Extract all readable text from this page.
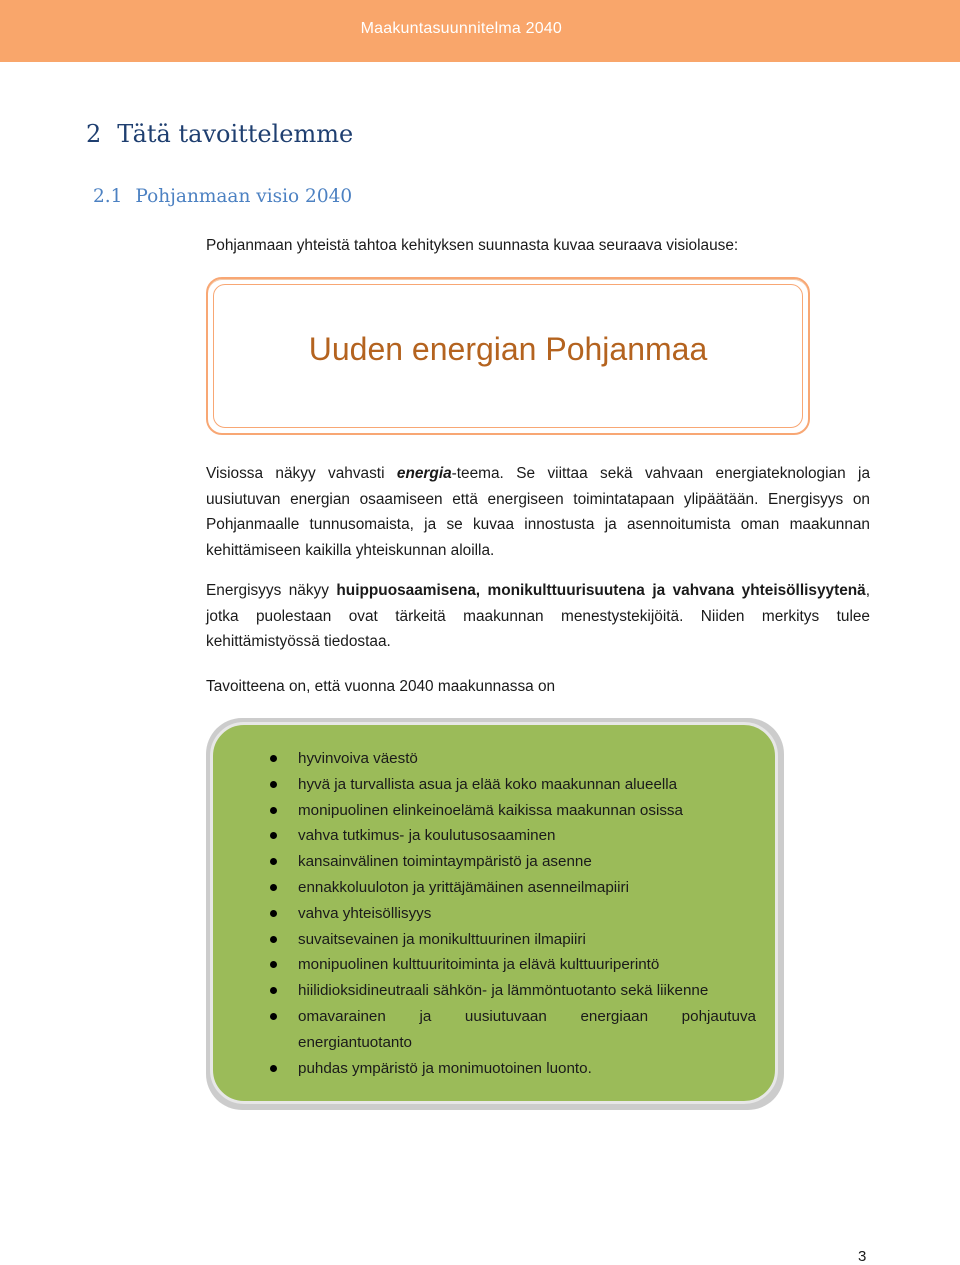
Maakuntasuunnitelma 2040
2 Tätä tavoittelemme
2.1 Pohjanmaan visio 2040

Pohjanmaan yhteistä tahtoa kehityksen suunnasta kuvaa seuraava visiolause:

Uuden energian Pohjanmaa

Visiossa näkyy vahvasti energia-teema. Se viittaa sekä vahvaan energiateknologian ja uusiutuvan energian osaamiseen että energiseen toimintatapaan ylipäätään. Energisyys on Pohjanmaalle tunnusomaista, ja se kuvaa innostusta ja asennoitumista oman maakunnan kehittämiseen kaikilla yhteiskunnan aloilla.

Energisyys näkyy huippuosaamisena, monikulttuurisuutena ja vahvana yhteisöllisyytenä, jotka puolestaan ovat tärkeitä maakunnan menestystekijöitä. Niiden merkitys tulee kehittämistyössä tiedostaa.

Tavoitteena on, että vuonna 2040 maakunnassa on

hyvinvoiva väestö
hyvä ja turvallista asua ja elää koko maakunnan alueella
monipuolinen elinkeinoelämä kaikissa maakunnan osissa
vahva tutkimus- ja koulutusosaaminen
kansainvälinen toimintaympäristö ja asenne
ennakkoluuloton ja yrittäjämäinen asenneilmapiiri
vahva yhteisöllisyys
suvaitsevainen ja monikulttuurinen ilmapiiri
monipuolinen kulttuuritoiminta ja elävä kulttuuriperintö
hiilidioksidineutraali sähkön- ja lämmöntuotanto sekä liikenne
omavarainen ja uusiutuvaan energiaan pohjautuva energiantuotanto
puhdas ympäristö ja monimuotoinen luonto.
3
